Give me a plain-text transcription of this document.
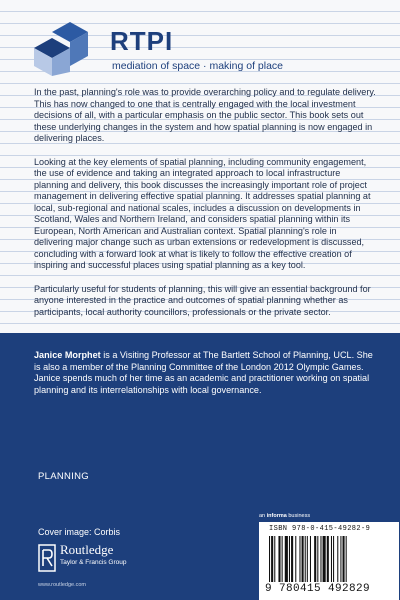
RTPI
mediation of space · making of place

In the past, planning's role was to provide overarching policy and to regulate delivery. This has now changed to one that is centrally engaged with the local investment decisions of all, with a particular emphasis on the public sector. This book sets out these underlying changes in the system and how spatial planning is now engaged in delivering places.

Looking at the key elements of spatial planning, including community engagement, the use of evidence and taking an integrated approach to local infrastructure planning and delivery, this book discusses the increasingly important role of project management in delivering effective spatial planning. It addresses spatial planning at local, sub-regional and national scales, includes a discussion on developments in Scotland, Wales and Northern Ireland, and considers spatial planning within its European, North American and Australian context. Spatial planning's role in delivering major change such as urban extensions or redevelopment is discussed, concluding with a forward look at what is likely to follow the effective creation of inspiring and successful places using spatial planning as a key tool.

Particularly useful for students of planning, this will give an essential background for anyone interested in the practice and outcomes of spatial planning whether as participants, local authority councillors, professionals or the private sector.

Janice Morphet is a Visiting Professor at The Bartlett School of Planning, UCL. She is also a member of the Planning Committee of the London 2012 Olympic Games. Janice spends much of her time as an academic and practitioner working on spatial planning and its interrelationships with local governance.
PLANNING
Cover image: Corbis
Routledge
Taylor & Francis Group
www.routledge.com
an informa business
ISBN 978-0-415-49282-9
9 780415 492829
